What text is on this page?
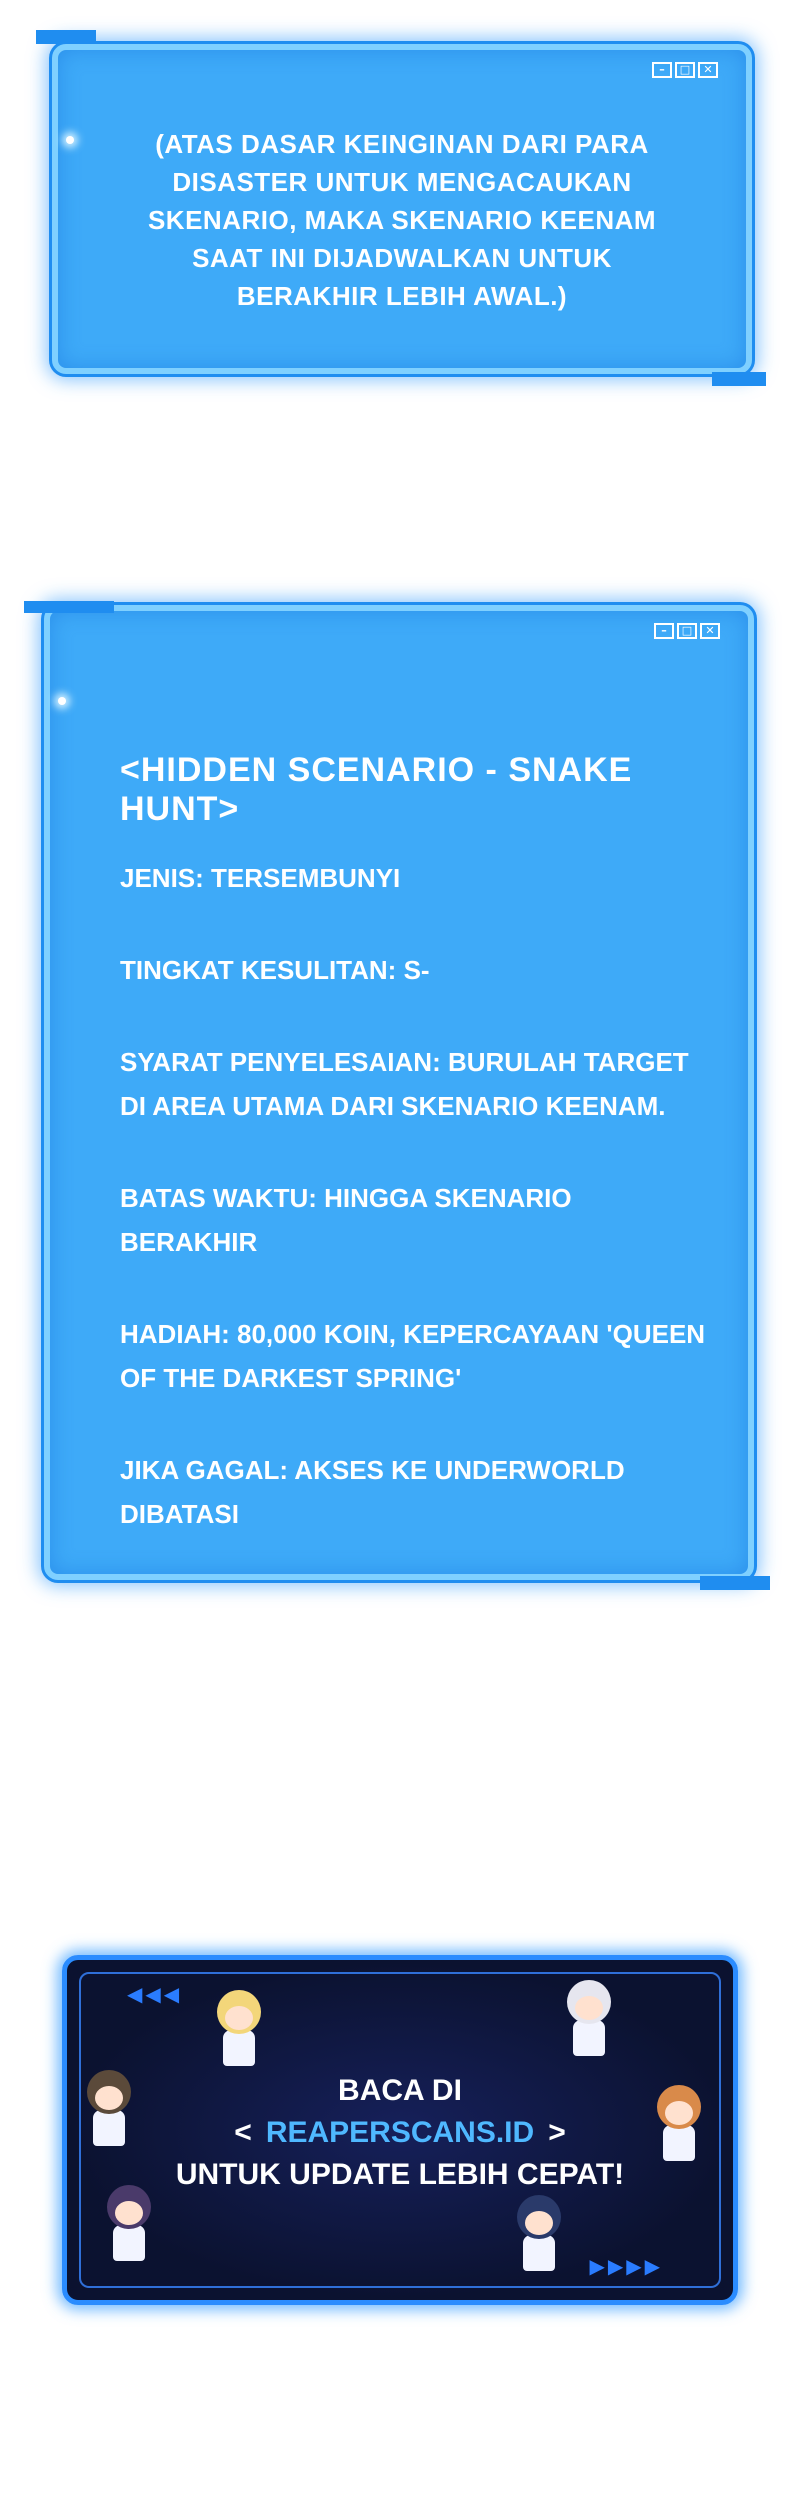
–	□	✕
(ATAS DASAR KEINGINAN DARI PARA DISASTER UNTUK MENGACAUKAN SKENARIO, MAKA SKENARIO KEENAM SAAT INI DIJADWALKAN UNTUK BERAKHIR LEBIH AWAL.)
–	□	✕
<HIDDEN SCENARIO - SNAKE HUNT>
JENIS: TERSEMBUNYI
TINGKAT KESULITAN: S-
SYARAT PENYELESAIAN: BURULAH TARGET DI AREA UTAMA DARI SKENARIO KEENAM.
BATAS WAKTU: HINGGA SKENARIO BERAKHIR
HADIAH: 80,000 KOIN, KEPERCAYAAN 'QUEEN OF THE DARKEST SPRING'
JIKA GAGAL: AKSES KE UNDERWORLD DIBATASI
◀◀◀
▶▶▶▶
BACA DI
< REAPERSCANS.ID >
UNTUK UPDATE LEBIH CEPAT!
